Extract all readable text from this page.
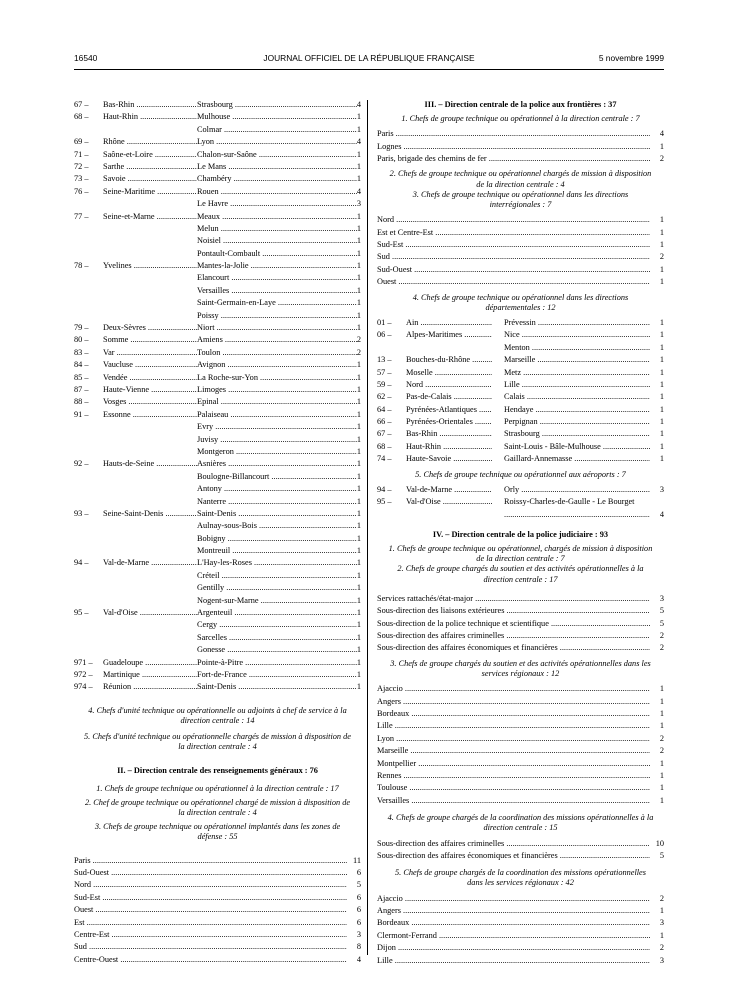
16540	JOURNAL OFFICIEL DE LA RÉPUBLIQUE FRANÇAISE	5 novembre 1999
67 –	Bas-Rhin .....	Strasbourg .....	4
68 –	Haut-Rhin .....	Mulhouse .....	1
Colmar .....	1
69 –	Rhône .....	Lyon .....	4
71 –	Saône-et-Loire .....	Chalon-sur-Saône .....	1
72 –	Sarthe .....	Le Mans .....	1
73 –	Savoie .....	Chambéry .....	1
76 –	Seine-Maritime .....	Rouen .....	4
Le Havre .....	3
77 –	Seine-et-Marne .....	Meaux .....	1
Melun .....	1
Noisiel .....	1
Pontault-Combault .....	1
78 –	Yvelines .....	Mantes-la-Jolie .....	1
Elancourt .....	1
Versailles .....	1
Saint-Germain-en-Laye .....	1
Poissy .....	1
79 –	Deux-Sèvres .....	Niort .....	1
80 –	Somme .....	Amiens .....	2
83 –	Var .....	Toulon .....	2
84 –	Vaucluse .....	Avignon .....	1
85 –	Vendée .....	La Roche-sur-Yon .....	1
87 –	Haute-Vienne .....	Limoges .....	1
88 –	Vosges .....	Epinal .....	1
91 –	Essonne .....	Palaiseau .....	1
Evry .....	1
Juvisy .....	1
Montgeron .....	1
92 –	Hauts-de-Seine .....	Asnières .....	1
Boulogne-Billancourt .....	1
Antony .....	1
Nanterre .....	1
93 –	Seine-Saint-Denis .....	Saint-Denis .....	1
Aulnay-sous-Bois .....	1
Bobigny .....	1
Montreuil .....	1
94 –	Val-de-Marne .....	L'Hay-les-Roses .....	1
Créteil .....	1
Gentilly .....	1
Nogent-sur-Marne .....	1
95 –	Val-d'Oise .....	Argenteuil .....	1
Cergy .....	1
Sarcelles .....	1
Gonesse .....	1
971 –	Guadeloupe .....	Pointe-à-Pitre .....	1
972 –	Martinique .....	Fort-de-France .....	1
974 –	Réunion .....	Saint-Denis .....	1

4. Chefs d'unité technique ou opérationnelle ou adjoints à chef de service à la direction centrale : 14

5. Chefs d'unité technique ou opérationnelle chargés de mission à disposition de la direction centrale : 4

II. – Direction centrale des renseignements généraux : 76

1. Chefs de groupe technique ou opérationnel à la direction centrale : 17

2. Chef de groupe technique ou opérationnel chargé de mission à disposition de la direction centrale : 4

3. Chefs de groupe technique ou opérationnel implantés dans les zones de défense : 55

Paris .....	11
Sud-Ouest .....	6
Nord .....	5
Sud-Est .....	6
Ouest .....	6
Est .....	6
Centre-Est .....	3
Sud .....	8
Centre-Ouest .....	4

III. – Direction centrale de la police aux frontières : 37

1. Chefs de groupe technique ou opérationnel à la direction centrale : 7

Paris .....	4
Lognes .....	1
Paris, brigade des chemins de fer .....	2

2. Chefs de groupe technique ou opérationnel chargés de mission à disposition de la direction centrale : 4

3. Chefs de groupe technique ou opérationnel dans les directions interrégionales : 7

Nord .....	1
Est et Centre-Est .....	1
Sud-Est .....	1
Sud .....	2
Sud-Ouest .....	1
Ouest .....	1

4. Chefs de groupe technique ou opérationnel dans les directions départementales : 12

01 –	Ain .....	Prévessin .....	1
06 –	Alpes-Maritimes .....	Nice .....	1
Menton .....	1
13 –	Bouches-du-Rhône .....	Marseille .....	1
57 –	Moselle .....	Metz .....	1
59 –	Nord .....	Lille .....	1
62 –	Pas-de-Calais .....	Calais .....	1
64 –	Pyrénées-Atlantiques .....	Hendaye .....	1
66 –	Pyrénées-Orientales .....	Perpignan .....	1
67 –	Bas-Rhin .....	Strasbourg .....	1
68 –	Haut-Rhin .....	Saint-Louis - Bâle-Mulhouse .....	1
74 –	Haute-Savoie .....	Gaillard-Annemasse .....	1

5. Chefs de groupe technique ou opérationnel aux aéroports : 7

94 –	Val-de-Marne .....	Orly .....	3
95 –	Val-d'Oise .....	Roissy-Charles-de-Gaulle - Le Bourget .....
4

IV. – Direction centrale de la police judiciaire : 93

1. Chefs de groupe technique ou opérationnel, chargés de mission à disposition de la direction centrale : 7

2. Chefs de groupe chargés du soutien et des activités opérationnelles à la direction centrale : 17

Services rattachés/état-major .....	3
Sous-direction des liaisons extérieures .....	5
Sous-direction de la police technique et scientifique .....	5
Sous-direction des affaires criminelles .....	2
Sous-direction des affaires économiques et financières .....	2

3. Chefs de groupe chargés du soutien et des activités opérationnelles dans les services régionaux : 12

Ajaccio .....	1
Angers .....	1
Bordeaux .....	1
Lille .....	1
Lyon .....	2
Marseille .....	2
Montpellier .....	1
Rennes .....	1
Toulouse .....	1
Versailles .....	1

4. Chefs de groupe chargés de la coordination des missions opérationnelles à la direction centrale : 15

Sous-direction des affaires criminelles .....	10
Sous-direction des affaires économiques et financières .....	5

5. Chefs de groupe chargés de la coordination des missions opérationnelles dans les services régionaux : 42

Ajaccio .....	2
Angers .....	1
Bordeaux .....	3
Clermont-Ferrand .....	1
Dijon .....	2
Lille .....	3
